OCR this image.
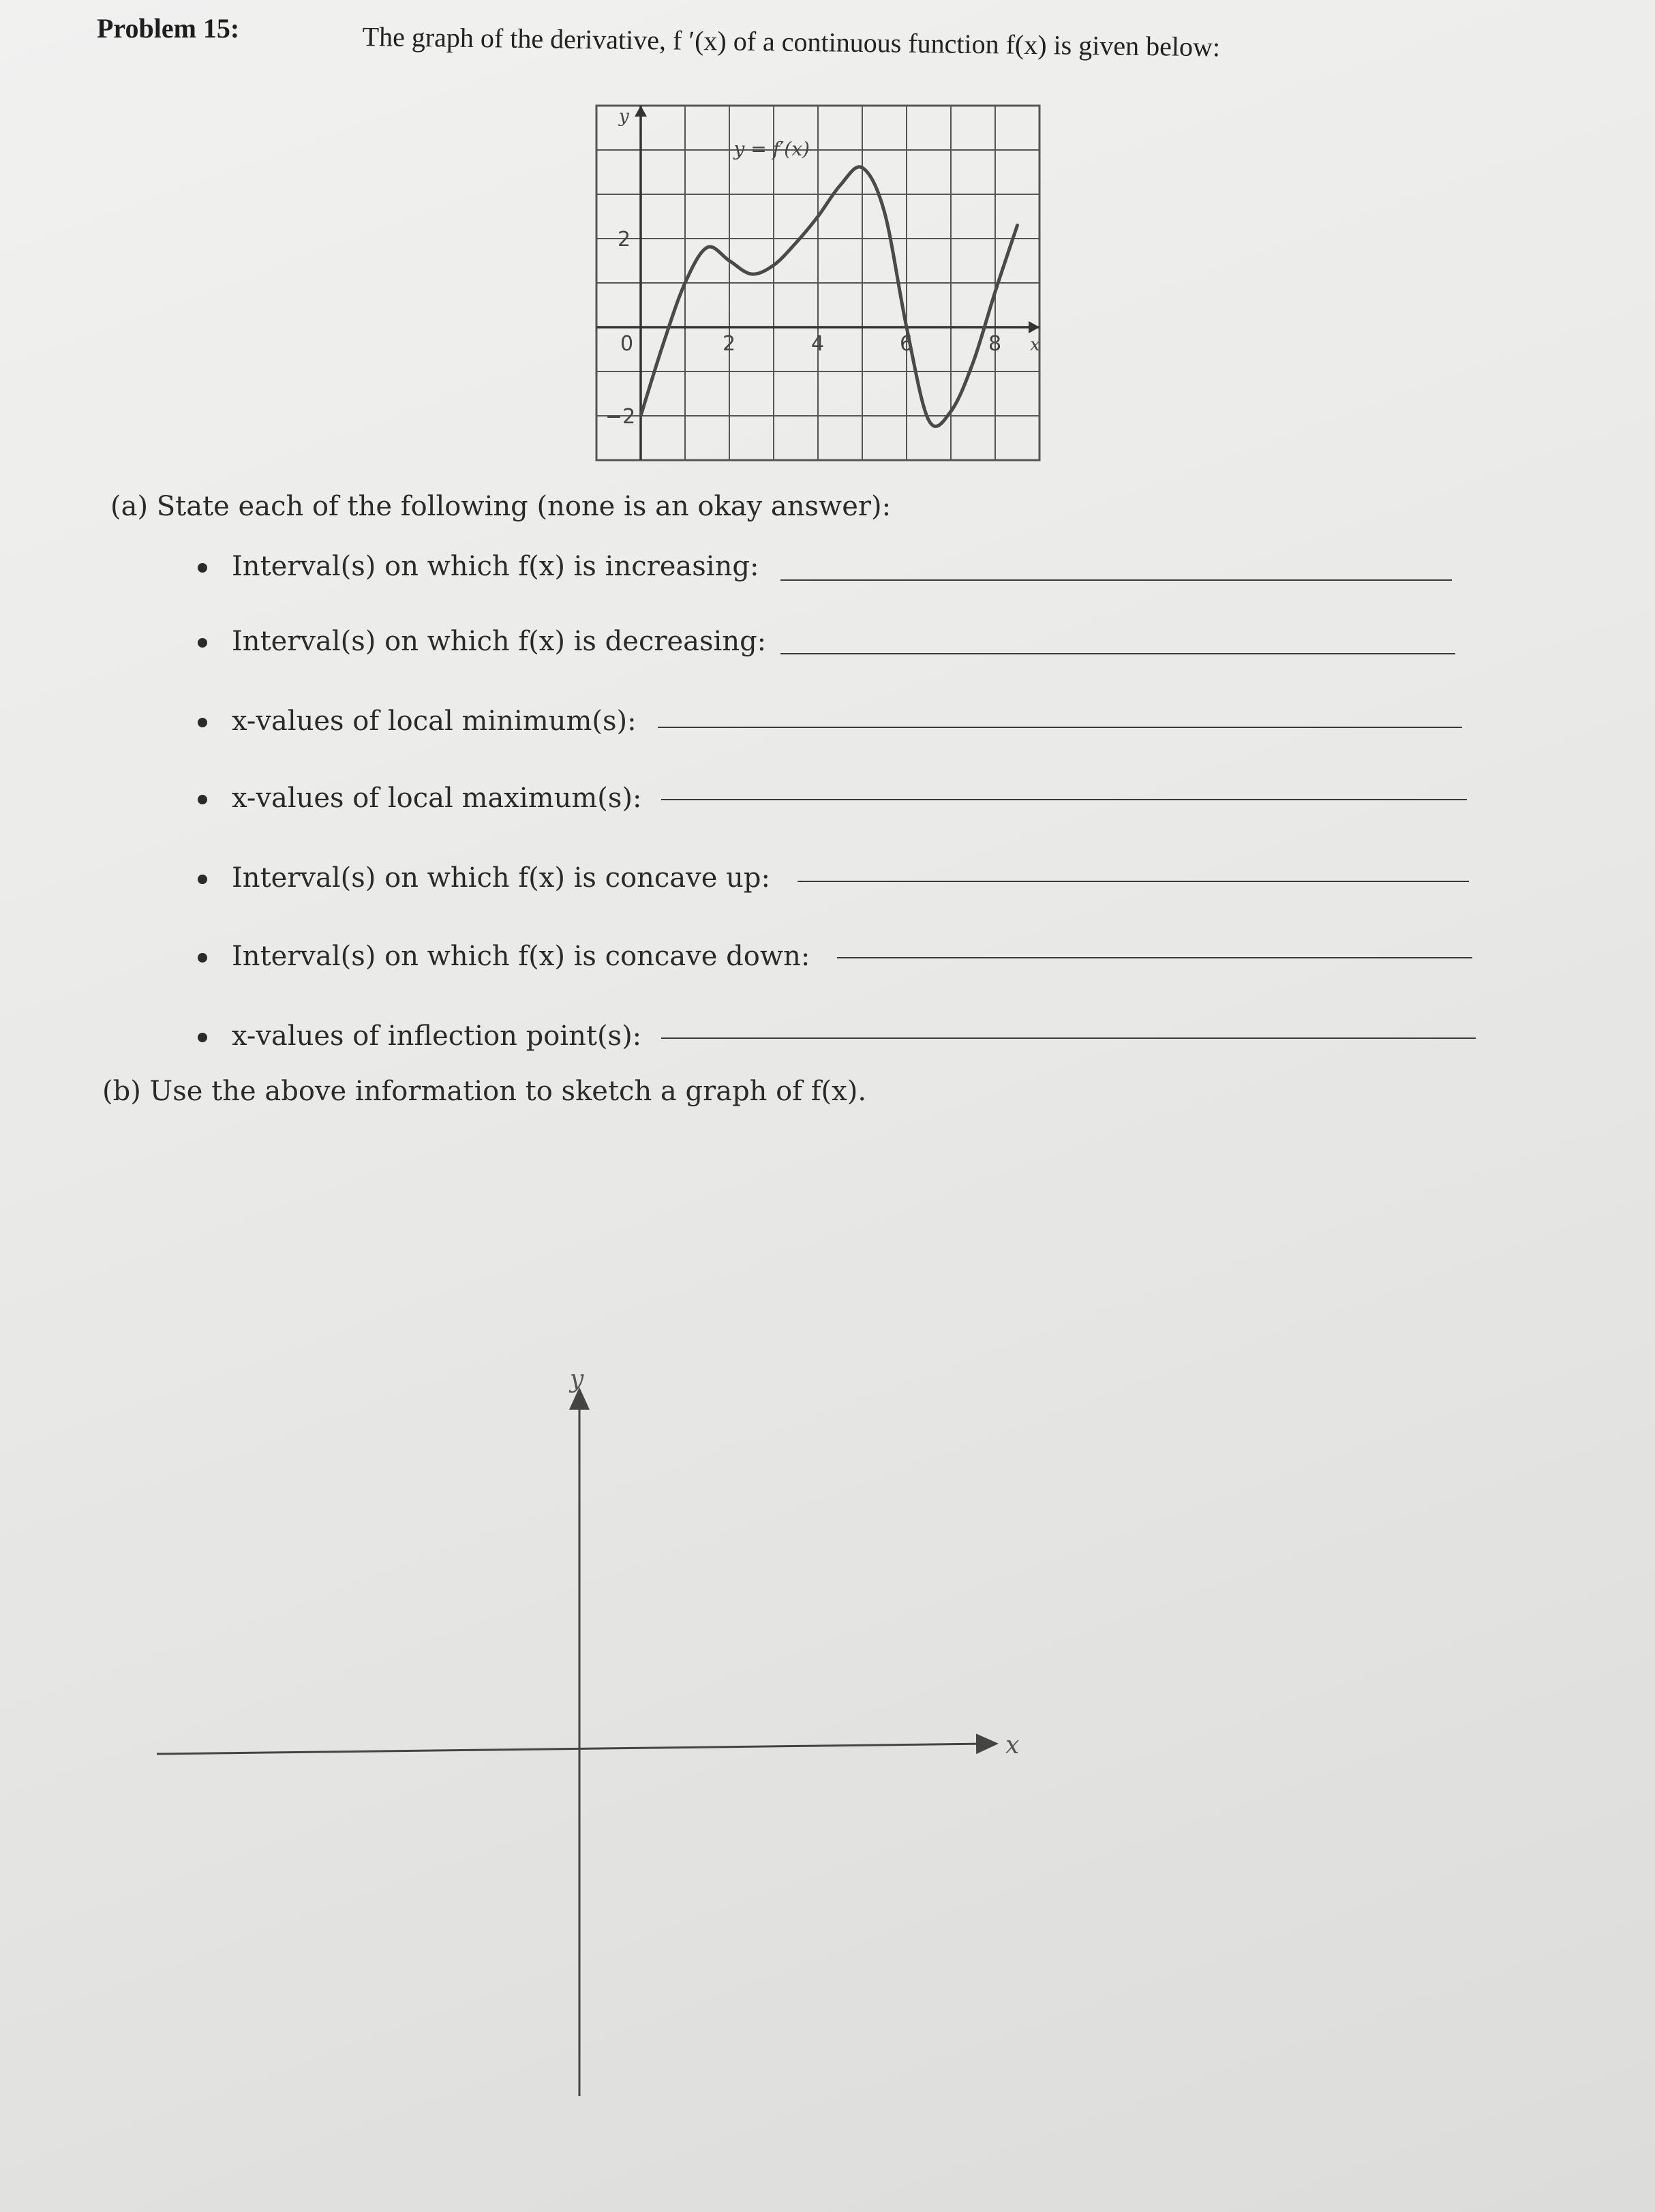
Problem 15:	The graph of the derivative, f ′(x) of a continuous function f(x) is given below:
y
x
0	2	4	6	8
2
−2
y = f′(x)
(a) State each of the following (none is an okay answer):
Interval(s) on which f(x) is increasing:
Interval(s) on which f(x) is decreasing:
x-values of local minimum(s):
x-values of local maximum(s):
Interval(s) on which f(x) is concave up:
Interval(s) on which f(x) is concave down:
x-values of inflection point(s):
(b) Use the above information to sketch a graph of f(x).
y
x
